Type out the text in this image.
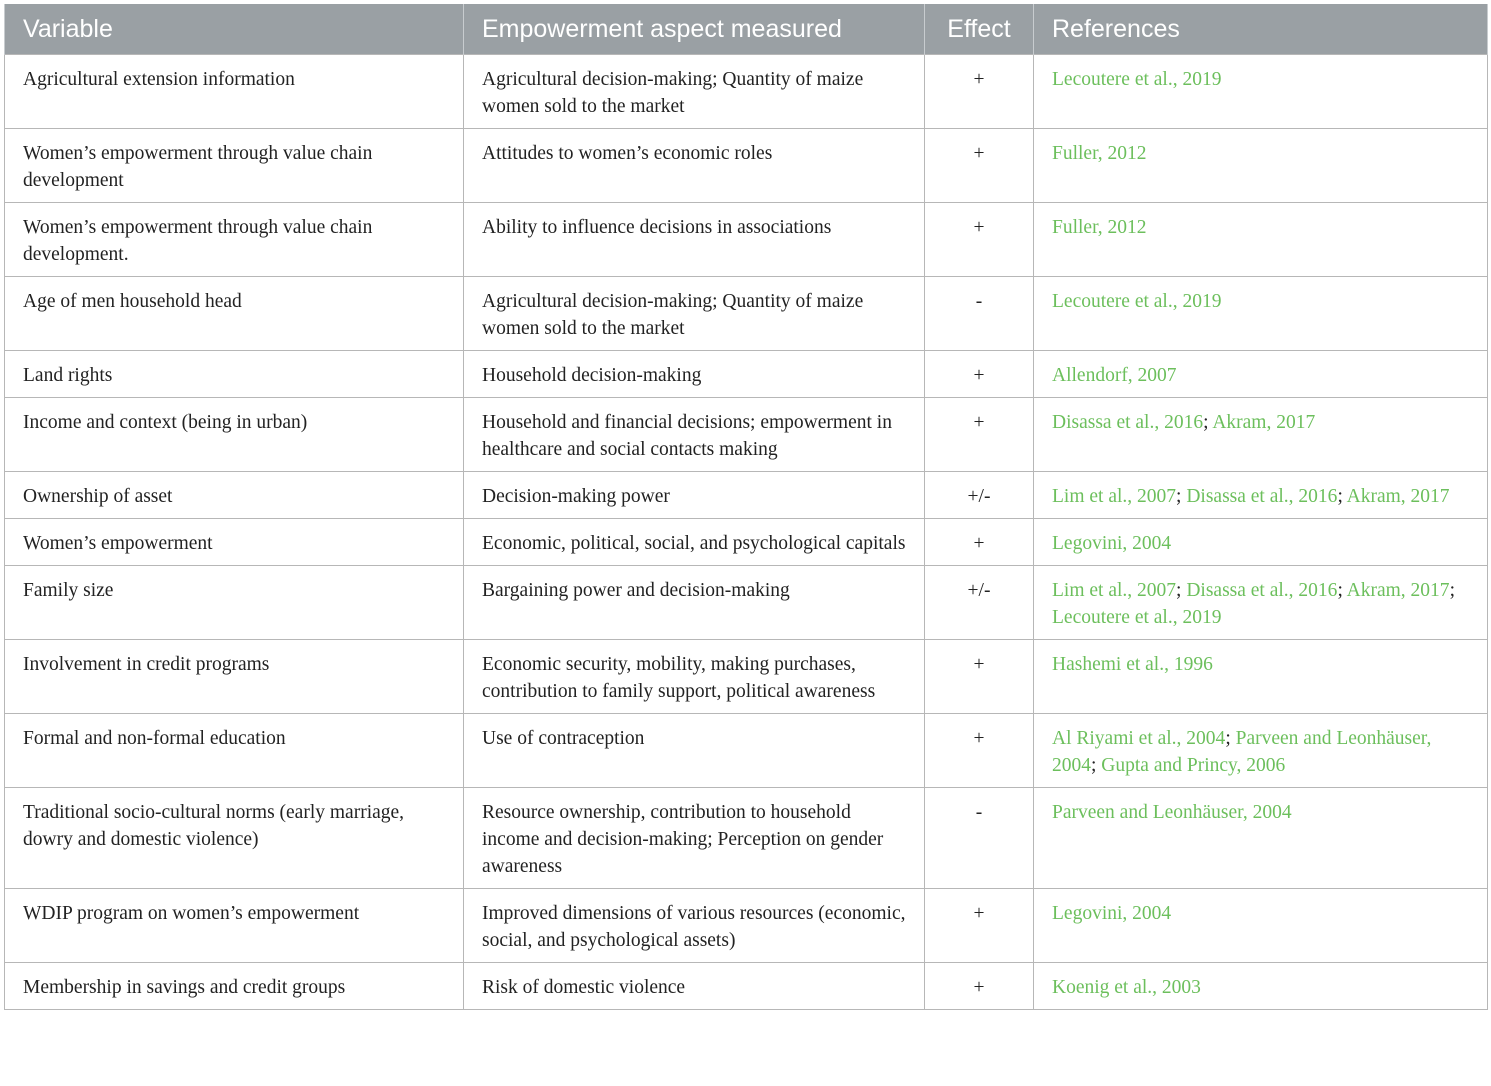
Variable	Empowerment aspect measured	Effect	References
Agricultural extension information	Agricultural decision-making; Quantity of maize women sold to the market	+	Lecoutere et al., 2019
Women’s empowerment through value chain development	Attitudes to women’s economic roles	+	Fuller, 2012
Women’s empowerment through value chain development.	Ability to influence decisions in associations	+	Fuller, 2012
Age of men household head	Agricultural decision-making; Quantity of maize women sold to the market	-	Lecoutere et al., 2019
Land rights	Household decision-making	+	Allendorf, 2007
Income and context (being in urban)	Household and financial decisions; empowerment in healthcare and social contacts making	+	Disassa et al., 2016; Akram, 2017
Ownership of asset	Decision-making power	+/-	Lim et al., 2007; Disassa et al., 2016; Akram, 2017
Women’s empowerment	Economic, political, social, and psychological capitals	+	Legovini, 2004
Family size	Bargaining power and decision-making	+/-	Lim et al., 2007; Disassa et al., 2016; Akram, 2017; Lecoutere et al., 2019
Involvement in credit programs	Economic security, mobility, making purchases, contribution to family support, political awareness	+	Hashemi et al., 1996
Formal and non-formal education	Use of contraception	+	Al Riyami et al., 2004; Parveen and Leonhäuser, 2004; Gupta and Princy, 2006
Traditional socio-cultural norms (early marriage, dowry and domestic violence)	Resource ownership, contribution to household income and decision-making; Perception on gender awareness	-	Parveen and Leonhäuser, 2004
WDIP program on women’s empowerment	Improved dimensions of various resources (economic, social, and psychological assets)	+	Legovini, 2004
Membership in savings and credit groups	Risk of domestic violence	+	Koenig et al., 2003
